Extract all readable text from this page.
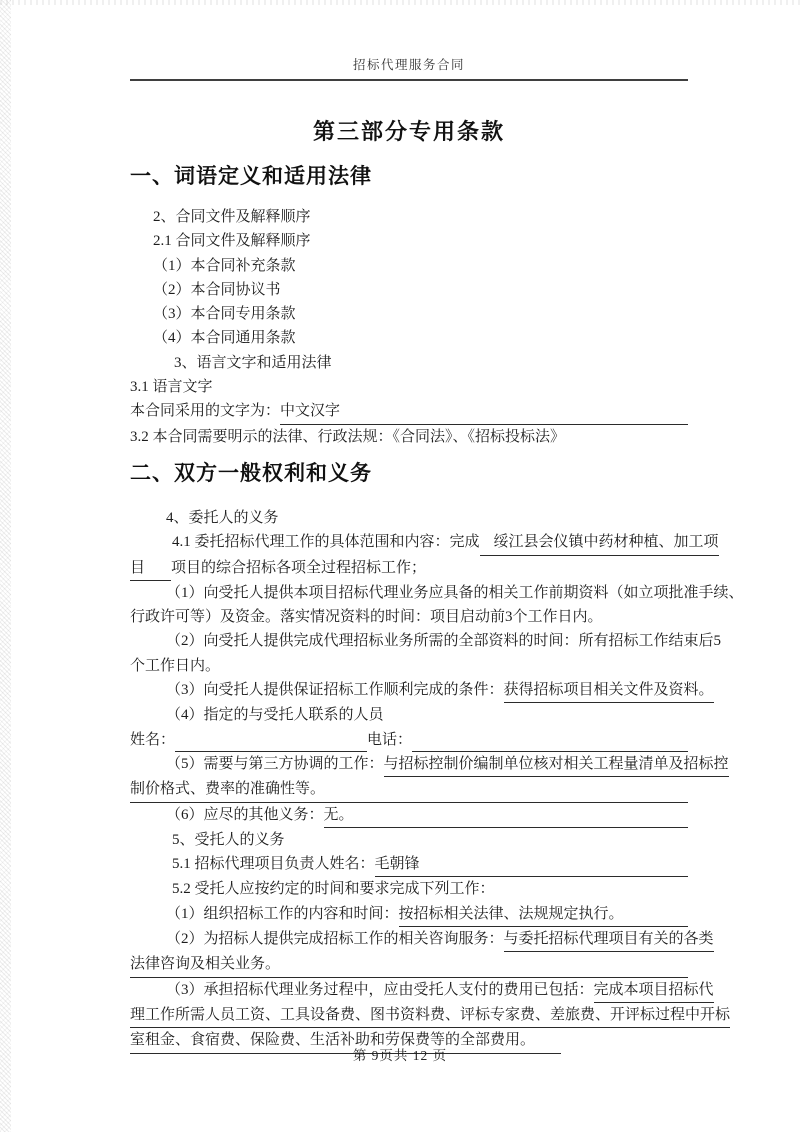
招标代理服务合同
第三部分专用条款
一、词语定义和适用法律

2、合同文件及解释顺序

2.1 合同文件及解释顺序

（1）本合同补充条款

（2）本合同协议书

（3）本合同专用条款

（4）本合同通用条款

3、语言文字和适用法律

3.1 语言文字

本合同采用的文字为： 中文汉字

3.2 本合同需要明示的法律、行政法规：《合同法》、《招标投标法》

二、双方一般权利和义务

4、委托人的义务

4.1 委托招标代理工作的具体范围和内容：完成 绥江县会仪镇中药材种植、加工项
目 项目的综合招标各项全过程招标工作；

（1）向受托人提供本项目招标代理业务应具备的相关工作前期资料（如立项批准手续、

行政许可等）及资金。落实情况资料的时间：项目启动前3个工作日内。

（2）向受托人提供完成代理招标业务所需的全部资料的时间：所有招标工作结束后5

个工作日内。

（3）向受托人提供保证招标工作顺利完成的条件： 获得招标项目相关文件及资料。

（4）指定的与受托人联系的人员

姓名：	电话：
（5）需要与第三方协调的工作： 与招标控制价编制单位核对相关工程量清单及招标控
制价格式、费率的准确性等。
（6）应尽的其他义务： 无。

5、受托人的义务

5.1 招标代理项目负责人姓名： 毛朝锋

5.2 受托人应按约定的时间和要求完成下列工作：

（1）组织招标工作的内容和时间： 按招标相关法律、法规规定执行。
（2）为招标人提供完成招标工作的相关咨询服务： 与委托招标代理项目有关的各类
法律咨询及相关业务。
（3）承担招标代理业务过程中，应由受托人支付的费用已包括： 完成本项目招标代
理工作所需人员工资、工具设备费、图书资料费、评标专家费、差旅费、开评标过程中开标
室租金、食宿费、保险费、生活补助和劳保费等的全部费用。
第 9页共 12 页
